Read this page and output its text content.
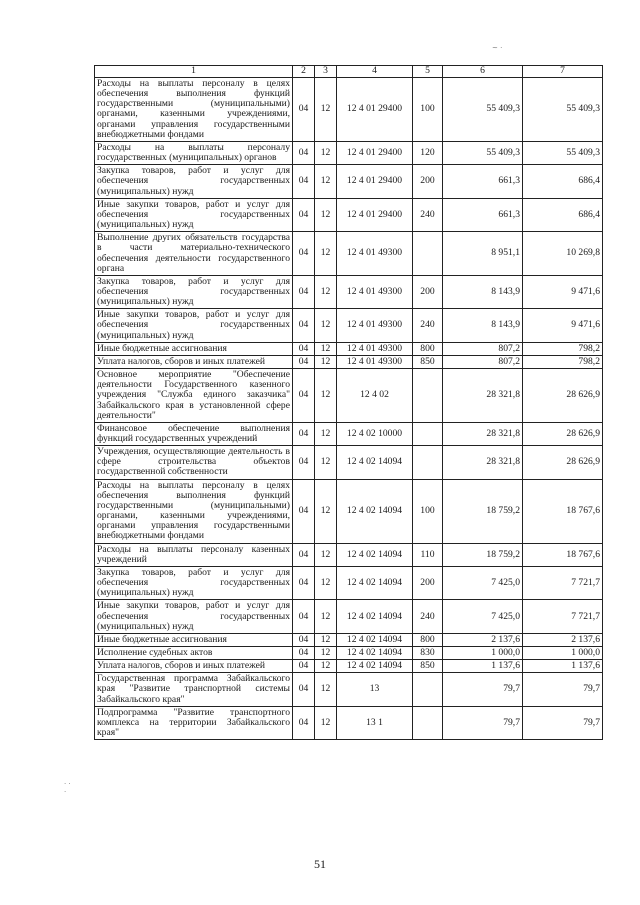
~ ·
· ·
·
1	2	3	4	5	6	7
Расходы на выплаты персоналу в целях обеспечения выполнения функций государственными (муниципальными) органами, казенными учреждениями, органами управления государственными внебюджетными фондами	04	12	12 4 01 29400	100	55 409,3	55 409,3
Расходы на выплаты персоналу государственных (муниципальных) органов	04	12	12 4 01 29400	120	55 409,3	55 409,3
Закупка товаров, работ и услуг для обеспечения государственных (муниципальных) нужд	04	12	12 4 01 29400	200	661,3	686,4
Иные закупки товаров, работ и услуг для обеспечения государственных (муниципальных) нужд	04	12	12 4 01 29400	240	661,3	686,4
Выполнение других обязательств государства в части материально-технического обеспечения деятельности государственного органа	04	12	12 4 01 49300		8 951,1	10 269,8
Закупка товаров, работ и услуг для обеспечения государственных (муниципальных) нужд	04	12	12 4 01 49300	200	8 143,9	9 471,6
Иные закупки товаров, работ и услуг для обеспечения государственных (муниципальных) нужд	04	12	12 4 01 49300	240	8 143,9	9 471,6
Иные бюджетные ассигнования	04	12	12 4 01 49300	800	807,2	798,2
Уплата налогов, сборов и иных платежей	04	12	12 4 01 49300	850	807,2	798,2
Основное мероприятие "Обеспечение деятельности Государственного казенного учреждения "Служба единого заказчика" Забайкальского края в установленной сфере деятельности"	04	12	12 4 02		28 321,8	28 626,9
Финансовое обеспечение выполнения функций государственных учреждений	04	12	12 4 02 10000		28 321,8	28 626,9
Учреждения, осуществляющие деятельность в сфере строительства объектов государственной собственности	04	12	12 4 02 14094		28 321,8	28 626,9
Расходы на выплаты персоналу в целях обеспечения выполнения функций государственными (муниципальными) органами, казенными учреждениями, органами управления государственными внебюджетными фондами	04	12	12 4 02 14094	100	18 759,2	18 767,6
Расходы на выплаты персоналу казенных учреждений	04	12	12 4 02 14094	110	18 759,2	18 767,6
Закупка товаров, работ и услуг для обеспечения государственных (муниципальных) нужд	04	12	12 4 02 14094	200	7 425,0	7 721,7
Иные закупки товаров, работ и услуг для обеспечения государственных (муниципальных) нужд	04	12	12 4 02 14094	240	7 425,0	7 721,7
Иные бюджетные ассигнования	04	12	12 4 02 14094	800	2 137,6	2 137,6
Исполнение судебных актов	04	12	12 4 02 14094	830	1 000,0	1 000,0
Уплата налогов, сборов и иных платежей	04	12	12 4 02 14094	850	1 137,6	1 137,6
Государственная программа Забайкальского края "Развитие транспортной системы Забайкальского края"	04	12	13		79,7	79,7
Подпрограмма "Развитие транспортного комплекса на территории Забайкальского края"	04	12	13 1		79,7	79,7
51
